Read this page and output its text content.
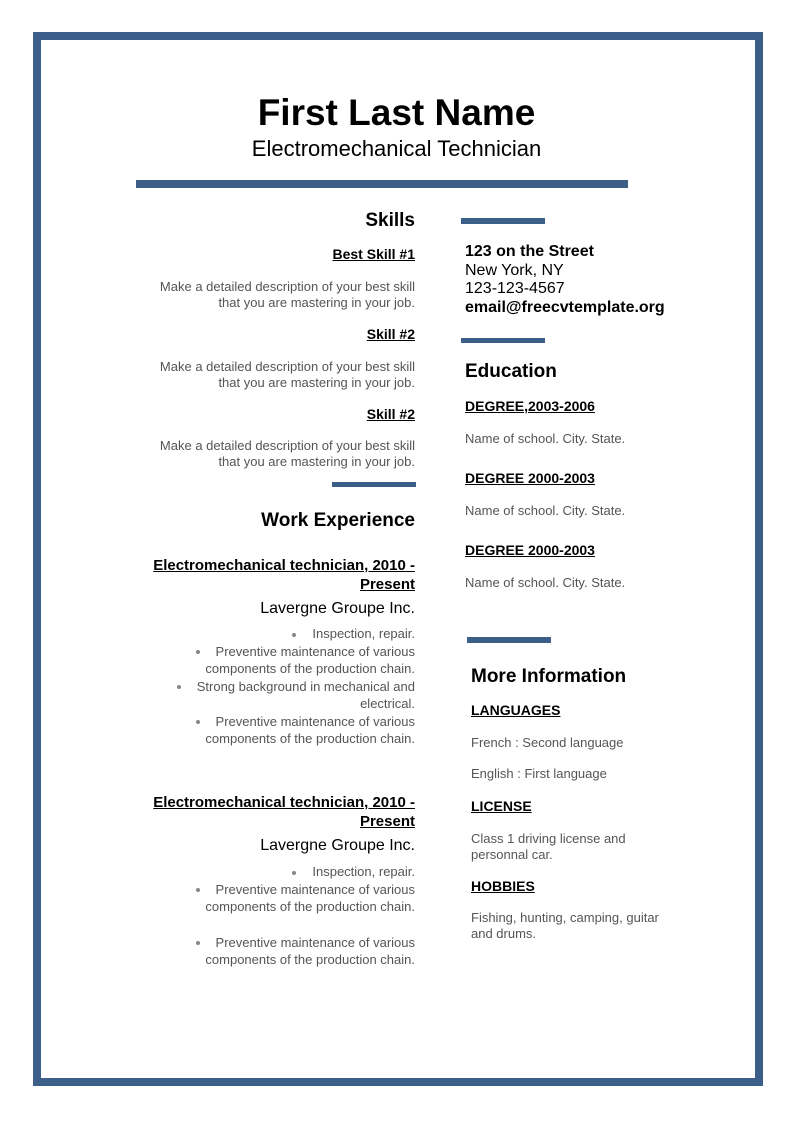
First Last Name
Electromechanical Technician
Skills
Best Skill #1
Make a detailed description of your best skill
that you are mastering in your job.
Skill #2
Make a detailed description of your best skill
that you are mastering in your job.
Skill #2
Make a detailed description of your best skill
that you are mastering in your job.
Work Experience
Electromechanical technician, 2010 -
Present
Lavergne Groupe Inc.
Inspection, repair.
Preventive maintenance of various
components of the production chain.
Strong background in mechanical and
electrical.
Preventive maintenance of various
components of the production chain.
Electromechanical technician, 2010 -
Present
Lavergne Groupe Inc.
Inspection, repair.
Preventive maintenance of various
components of the production chain.
Preventive maintenance of various
components of the production chain.
123 on the Street
New York, NY
123-123-4567
email@freecvtemplate.org
Education
DEGREE,2003-2006
Name of school. City. State.
DEGREE 2000-2003
Name of school. City. State.
DEGREE 2000-2003
Name of school. City. State.
More Information
LANGUAGES
French : Second language
English : First language
LICENSE
Class 1 driving license and
personnal car.
HOBBIES
Fishing, hunting, camping, guitar
and drums.
